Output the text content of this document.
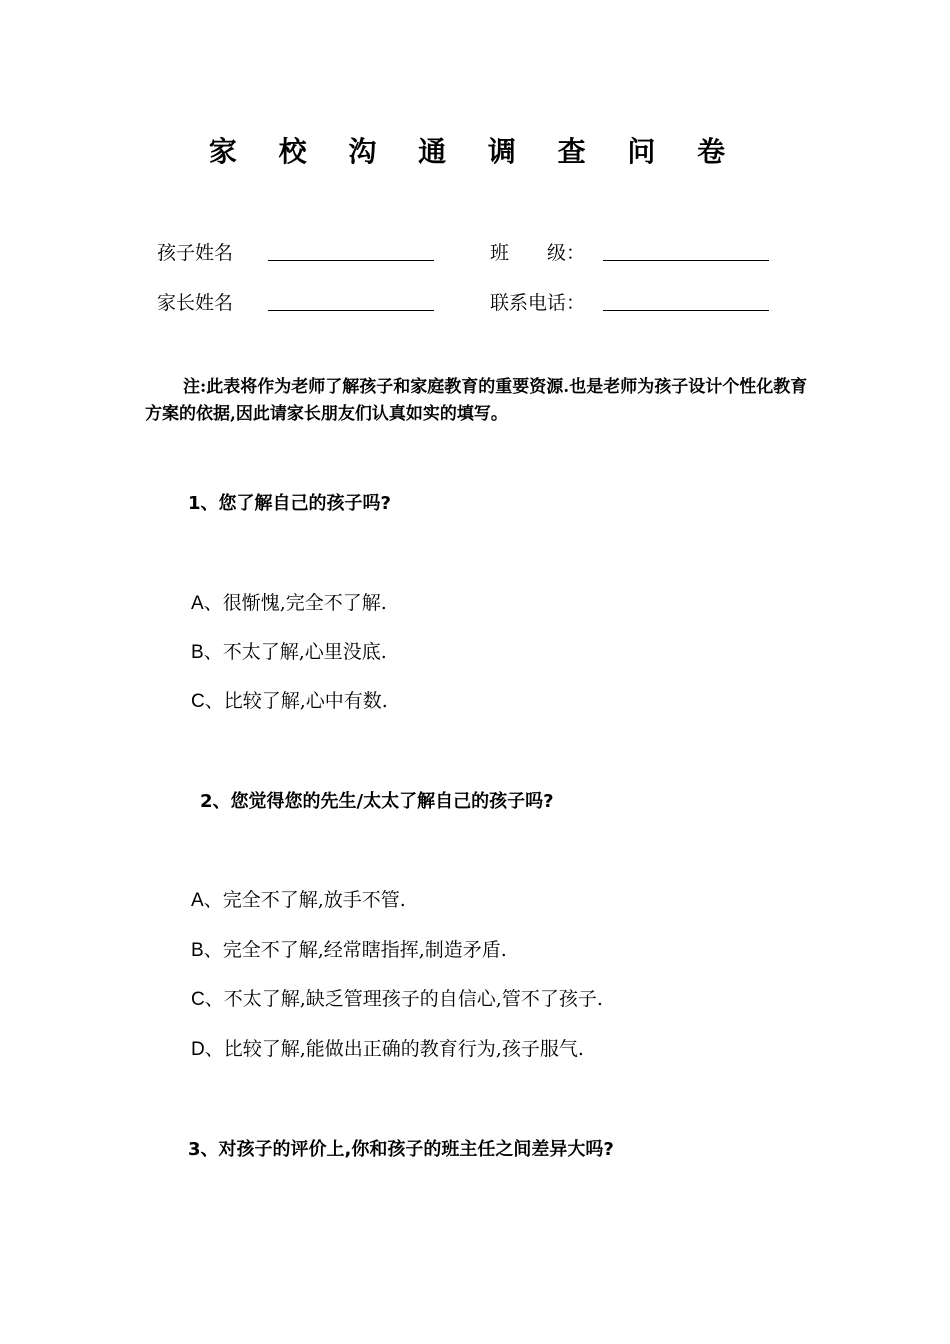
家 校 沟 通 调 查 问 卷
孩子姓名	班　　级：
家长姓名	联系电话：
注:此表将作为老师了解孩子和家庭教育的重要资源.也是老师为孩子设计个性化教育方案的依据,因此请家长朋友们认真如实的填写。
1、您了解自己的孩子吗?
A、很惭愧,完全不了解.
B、不太了解,心里没底.
C、比较了解,心中有数.
2、您觉得您的先生/太太了解自己的孩子吗?
A、完全不了解,放手不管.
B、完全不了解,经常瞎指挥,制造矛盾.
C、不太了解,缺乏管理孩子的自信心,管不了孩子.
D、比较了解,能做出正确的教育行为,孩子服气.
3、对孩子的评价上,你和孩子的班主任之间差异大吗?
